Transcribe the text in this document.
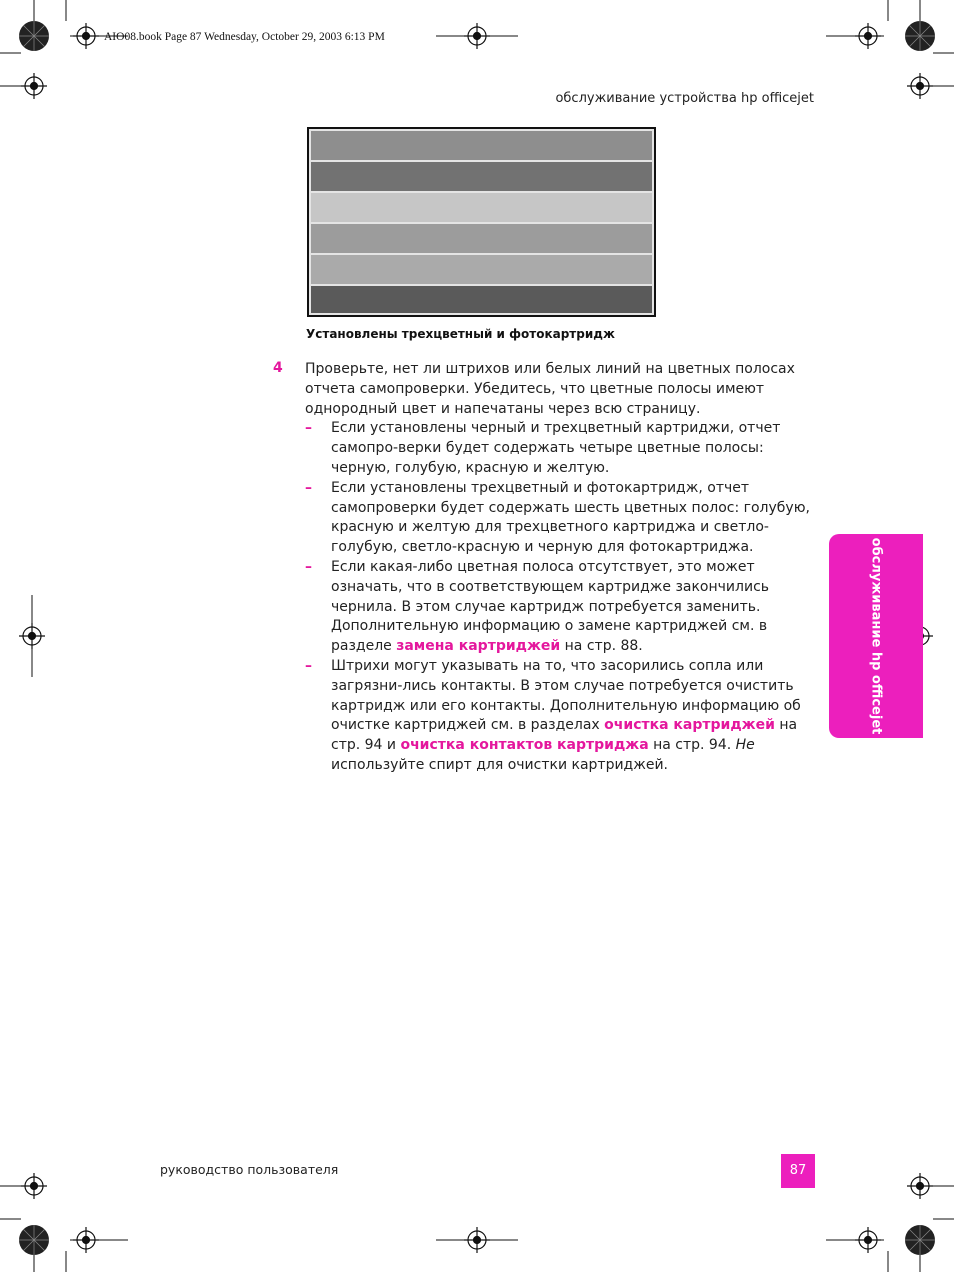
AIO08.book Page 87 Wednesday, October 29, 2003 6:13 PM
обслуживание устройства hp officejet
Установлены трехцветный и фотокартридж
4 Проверьте, нет ли штрихов или белых линий на цветных полосах отчета самопроверки. Убедитесь, что цветные полосы имеют однородный цвет и напечатаны через всю страницу.

– Если установлены черный и трехцветный картриджи, отчет самопро-верки будет содержать четыре цветные полосы: черную, голубую, красную и желтую.
– Если установлены трехцветный и фотокартридж, отчет самопроверки будет содержать шесть цветных полос: голубую, красную и желтую для трехцветного картриджа и светло-голубую, светло-красную и черную для фотокартриджа.
– Если какая-либо цветная полоса отсутствует, это может означать, что в соответствующем картридже закончились чернила. В этом случае картридж потребуется заменить. Дополнительную информацию о замене картриджей см. в разделе замена картриджей на стр. 88.
– Штрихи могут указывать на то, что засорились сопла или загрязни-лись контакты. В этом случае потребуется очистить картридж или его контакты. Дополнительную информацию об очистке картриджей см. в разделах очистка картриджей на стр. 94 и очистка контактов картриджа на стр. 94. Не используйте спирт для очистки картриджей.
обслуживание hp officejet
руководство пользователя	87
